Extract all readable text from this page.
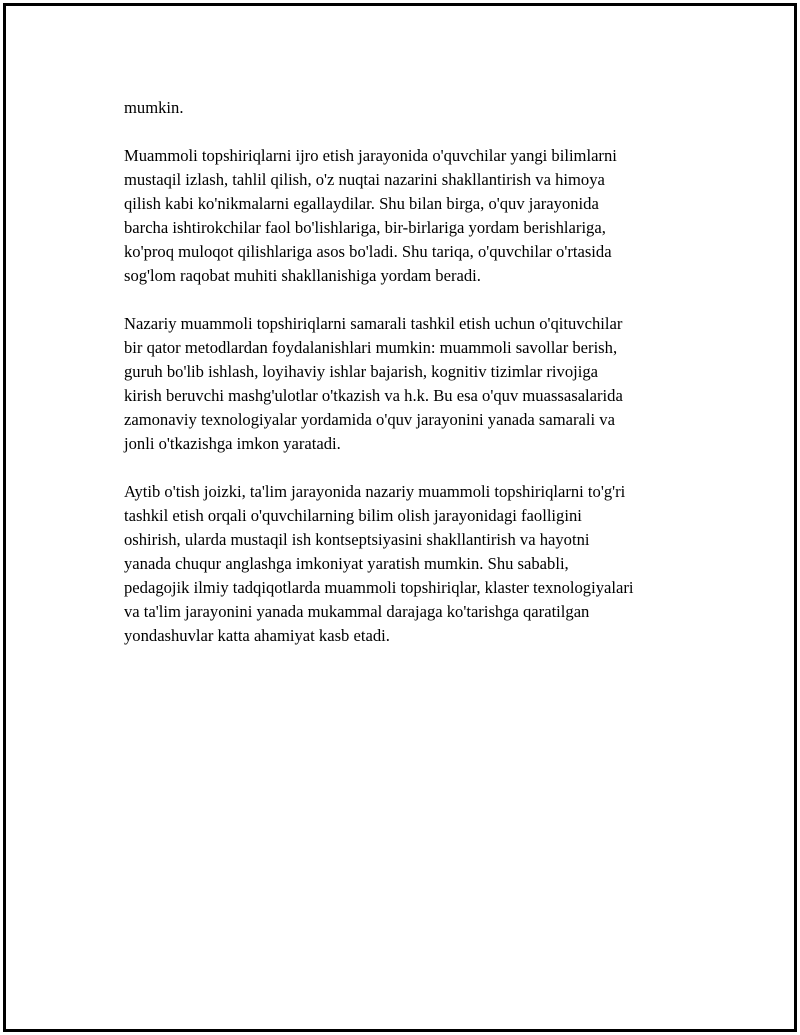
mumkin.

Muammoli topshiriqlarni ijro etish jarayonida o'quvchilar yangi bilimlarni
mustaqil izlash, tahlil qilish, o'z nuqtai nazarini shakllantirish va himoya
qilish kabi ko'nikmalarni egallaydilar. Shu bilan birga, o'quv jarayonida
barcha ishtirokchilar faol bo'lishlariga, bir-birlariga yordam berishlariga,
ko'proq muloqot qilishlariga asos bo'ladi. Shu tariqa, o'quvchilar o'rtasida
sog'lom raqobat muhiti shakllanishiga yordam beradi.

Nazariy muammoli topshiriqlarni samarali tashkil etish uchun o'qituvchilar
bir qator metodlardan foydalanishlari mumkin: muammoli savollar berish,
guruh bo'lib ishlash, loyihaviy ishlar bajarish, kognitiv tizimlar rivojiga
kirish beruvchi mashg'ulotlar o'tkazish va h.k. Bu esa o'quv muassasalarida
zamonaviy texnologiyalar yordamida o'quv jarayonini yanada samarali va
jonli o'tkazishga imkon yaratadi.

Aytib o'tish joizki, ta'lim jarayonida nazariy muammoli topshiriqlarni to'g'ri
tashkil etish orqali o'quvchilarning bilim olish jarayonidagi faolligini
oshirish, ularda mustaqil ish kontseptsiyasini shakllantirish va hayotni
yanada chuqur anglashga imkoniyat yaratish mumkin. Shu sababli,
pedagojik ilmiy tadqiqotlarda muammoli topshiriqlar, klaster texnologiyalari
va ta'lim jarayonini yanada mukammal darajaga ko'tarishga qaratilgan
yondashuvlar katta ahamiyat kasb etadi.
